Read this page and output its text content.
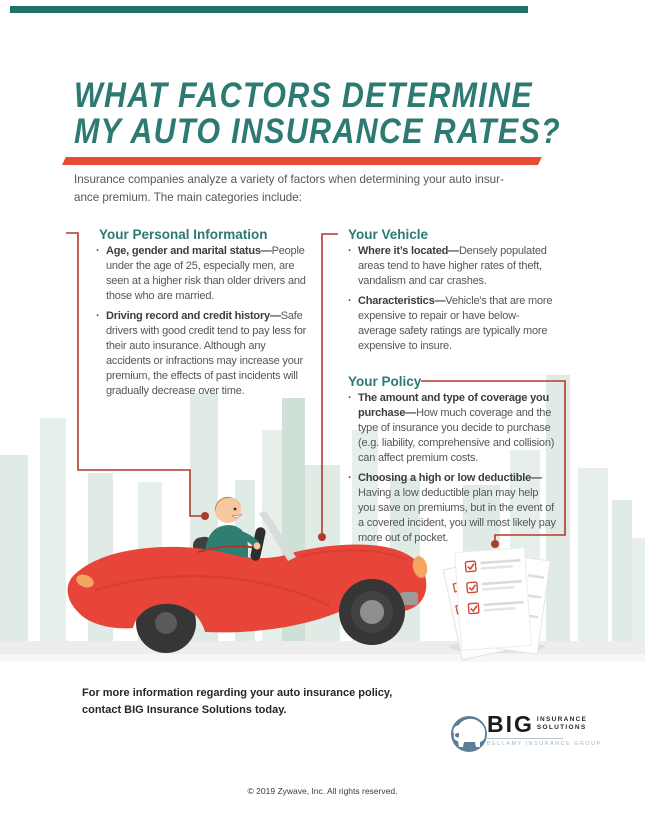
WHAT FACTORS DETERMINE
MY AUTO INSURANCE RATES?
Insurance companies analyze a variety of factors when determining your auto insur-
ance premium. The main categories include:
Your Personal Information
· Age, gender and marital status—People under the age of 25, especially men, are seen at a higher risk than older drivers and those who are married.

· Driving record and credit history—Safe drivers with good credit tend to pay less for their auto insurance. Although any accidents or infractions may increase your premium, the effects of past incidents will gradually decrease over time.

Your Vehicle
· Where it’s located—Densely populated areas tend to have higher rates of theft, vandalism and car crashes.

· Characteristics—Vehicle's that are more expensive to repair or have below-average safety ratings are typically more expensive to insure.

Your Policy
· The amount and type of coverage you purchase—How much coverage and the type of insurance you decide to purchase (e.g. liability, comprehensive and collision) can affect premium costs.

· Choosing a high or low deductible—Having a low deductible plan may help you save on premiums, but in the event of a covered incident, you will most likely pay more out of pocket.

For more information regarding your auto insurance policy,
contact BIG Insurance Solutions today.
BIG INSURANCE
SOLUTIONS
BELLAMY INSURANCE GROUP
© 2019 Zywave, Inc. All rights reserved.
